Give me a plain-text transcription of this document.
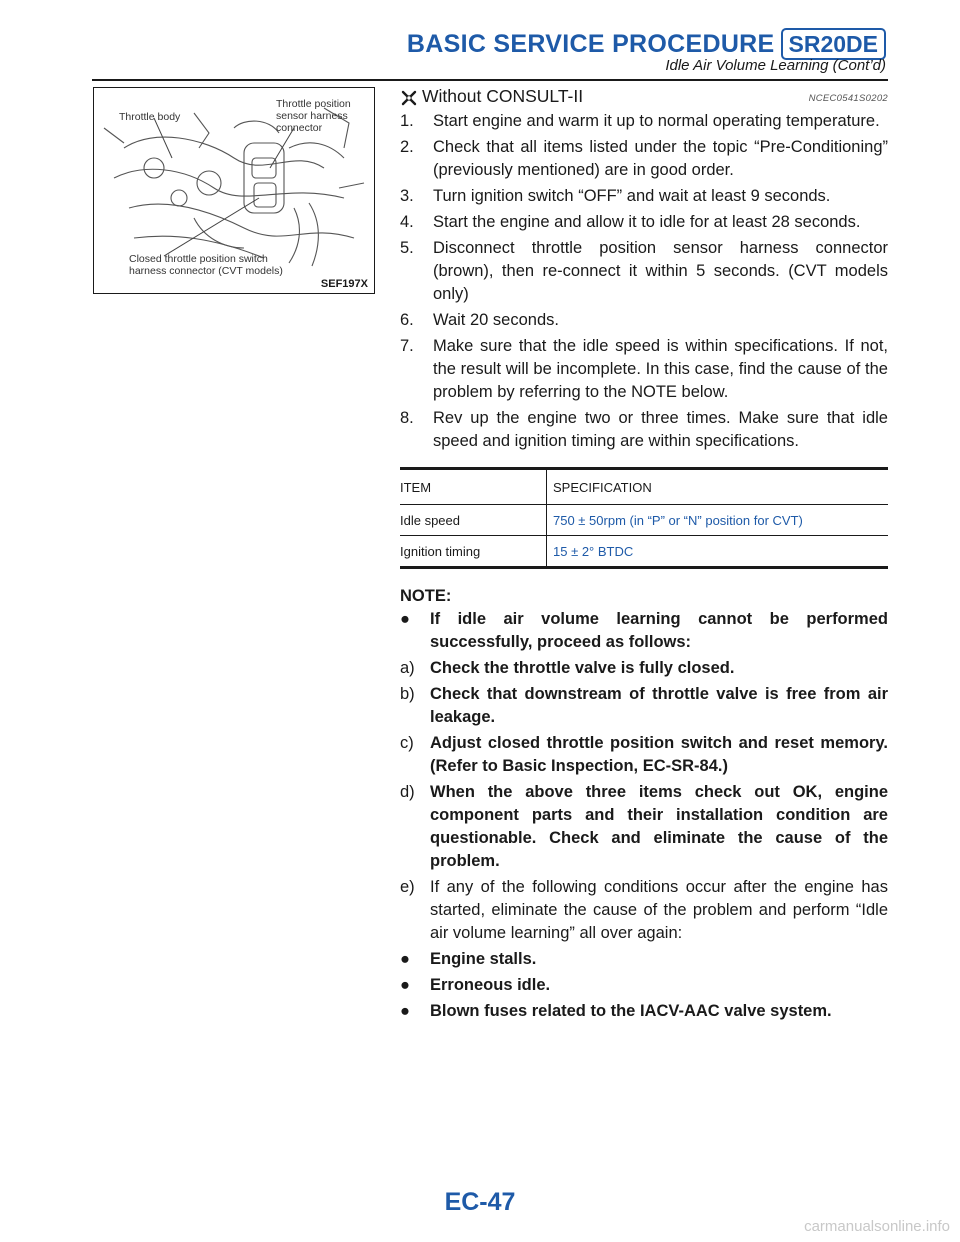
BASIC SERVICE PROCEDURE SR20DE
Idle Air Volume Learning (Cont’d)
Throttle body
Throttle position
sensor harness
connector
Closed throttle position switch
harness connector (CVT models)
SEF197X
Without CONSULT-II	NCEC0541S0202
1. Start engine and warm it up to normal operating temperature.
2. Check that all items listed under the topic “Pre-Conditioning” (previously mentioned) are in good order.
3. Turn ignition switch “OFF” and wait at least 9 seconds.
4. Start the engine and allow it to idle for at least 28 seconds.
5. Disconnect throttle position sensor harness connector (brown), then re-connect it within 5 seconds. (CVT models only)
6. Wait 20 seconds.
7. Make sure that the idle speed is within specifications. If not, the result will be incomplete. In this case, find the cause of the problem by referring to the NOTE below.
8. Rev up the engine two or three times. Make sure that idle speed and ignition timing are within specifications.
ITEM	SPECIFICATION
Idle speed	750 ± 50rpm (in “P” or “N” position for CVT)
Ignition timing	15 ± 2° BTDC
NOTE:
● If idle air volume learning cannot be performed successfully, proceed as follows:
a) Check the throttle valve is fully closed.
b) Check that downstream of throttle valve is free from air leakage.
c) Adjust closed throttle position switch and reset memory. (Refer to Basic Inspection, EC-SR-84.)
d) When the above three items check out OK, engine component parts and their installation condition are questionable. Check and eliminate the cause of the problem.
e) If any of the following conditions occur after the engine has started, eliminate the cause of the problem and perform “Idle air volume learning” all over again:
● Engine stalls.
● Erroneous idle.
● Blown fuses related to the IACV-AAC valve system.
EC-47
carmanualsonline.info
